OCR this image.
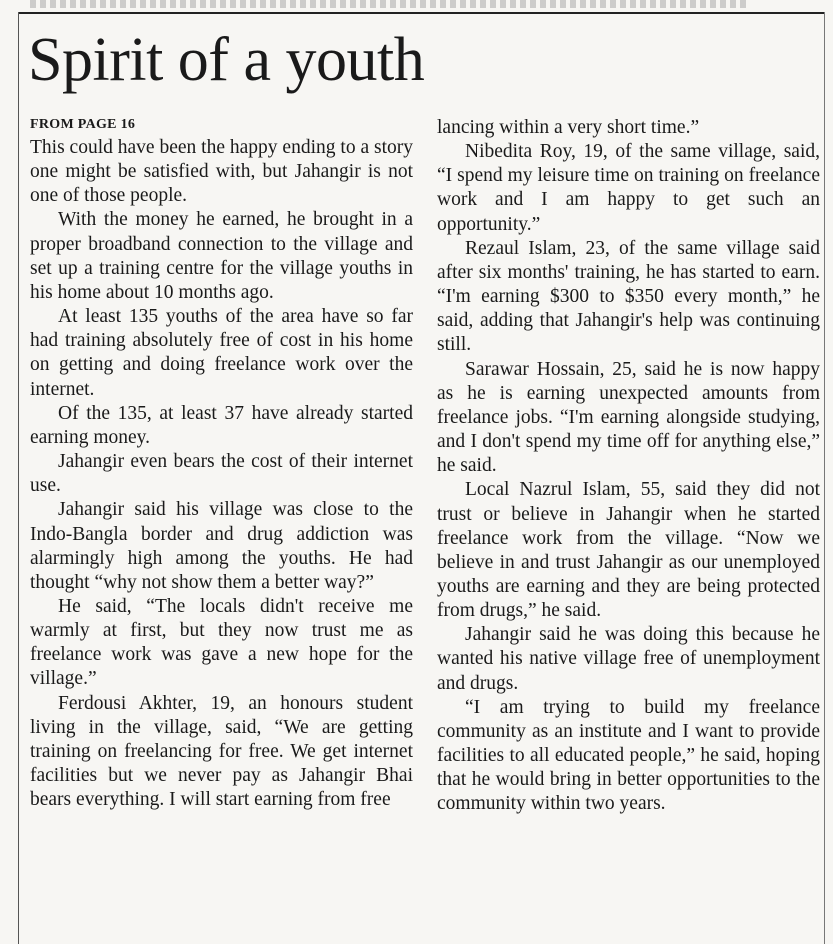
Spirit of a youth
FROM PAGE 16

This could have been the happy ending to a story one might be satisfied with, but Jahangir is not one of those people.

With the money he earned, he brought in a proper broadband connection to the village and set up a training centre for the village youths in his home about 10 months ago.

At least 135 youths of the area have so far had training absolutely free of cost in his home on getting and doing freelance work over the internet.

Of the 135, at least 37 have already started earning money.

Jahangir even bears the cost of their internet use.

Jahangir said his village was close to the Indo-Bangla border and drug addiction was alarmingly high among the youths. He had thought “why not show them a better way?”

He said, “The locals didn't receive me warmly at first, but they now trust me as freelance work was gave a new hope for the village.”

Ferdousi Akhter, 19, an honours student living in the village, said, “We are getting training on freelancing for free. We get internet facilities but we never pay as Jahangir Bhai bears everything. I will start earning from free

lancing within a very short time.”

Nibedita Roy, 19, of the same village, said, “I spend my leisure time on training on freelance work and I am happy to get such an opportunity.”

Rezaul Islam, 23, of the same village said after six months' training, he has started to earn. “I'm earning $300 to $350 every month,” he said, adding that Jahangir's help was continuing still.

Sarawar Hossain, 25, said he is now happy as he is earning unexpected amounts from freelance jobs. “I'm earning alongside studying, and I don't spend my time off for anything else,” he said.

Local Nazrul Islam, 55, said they did not trust or believe in Jahangir when he started freelance work from the village. “Now we believe in and trust Jahangir as our unemployed youths are earning and they are being protected from drugs,” he said.

Jahangir said he was doing this because he wanted his native village free of unemployment and drugs.

“I am trying to build my freelance community as an institute and I want to provide facilities to all educated people,” he said, hoping that he would bring in better opportunities to the community within two years.
